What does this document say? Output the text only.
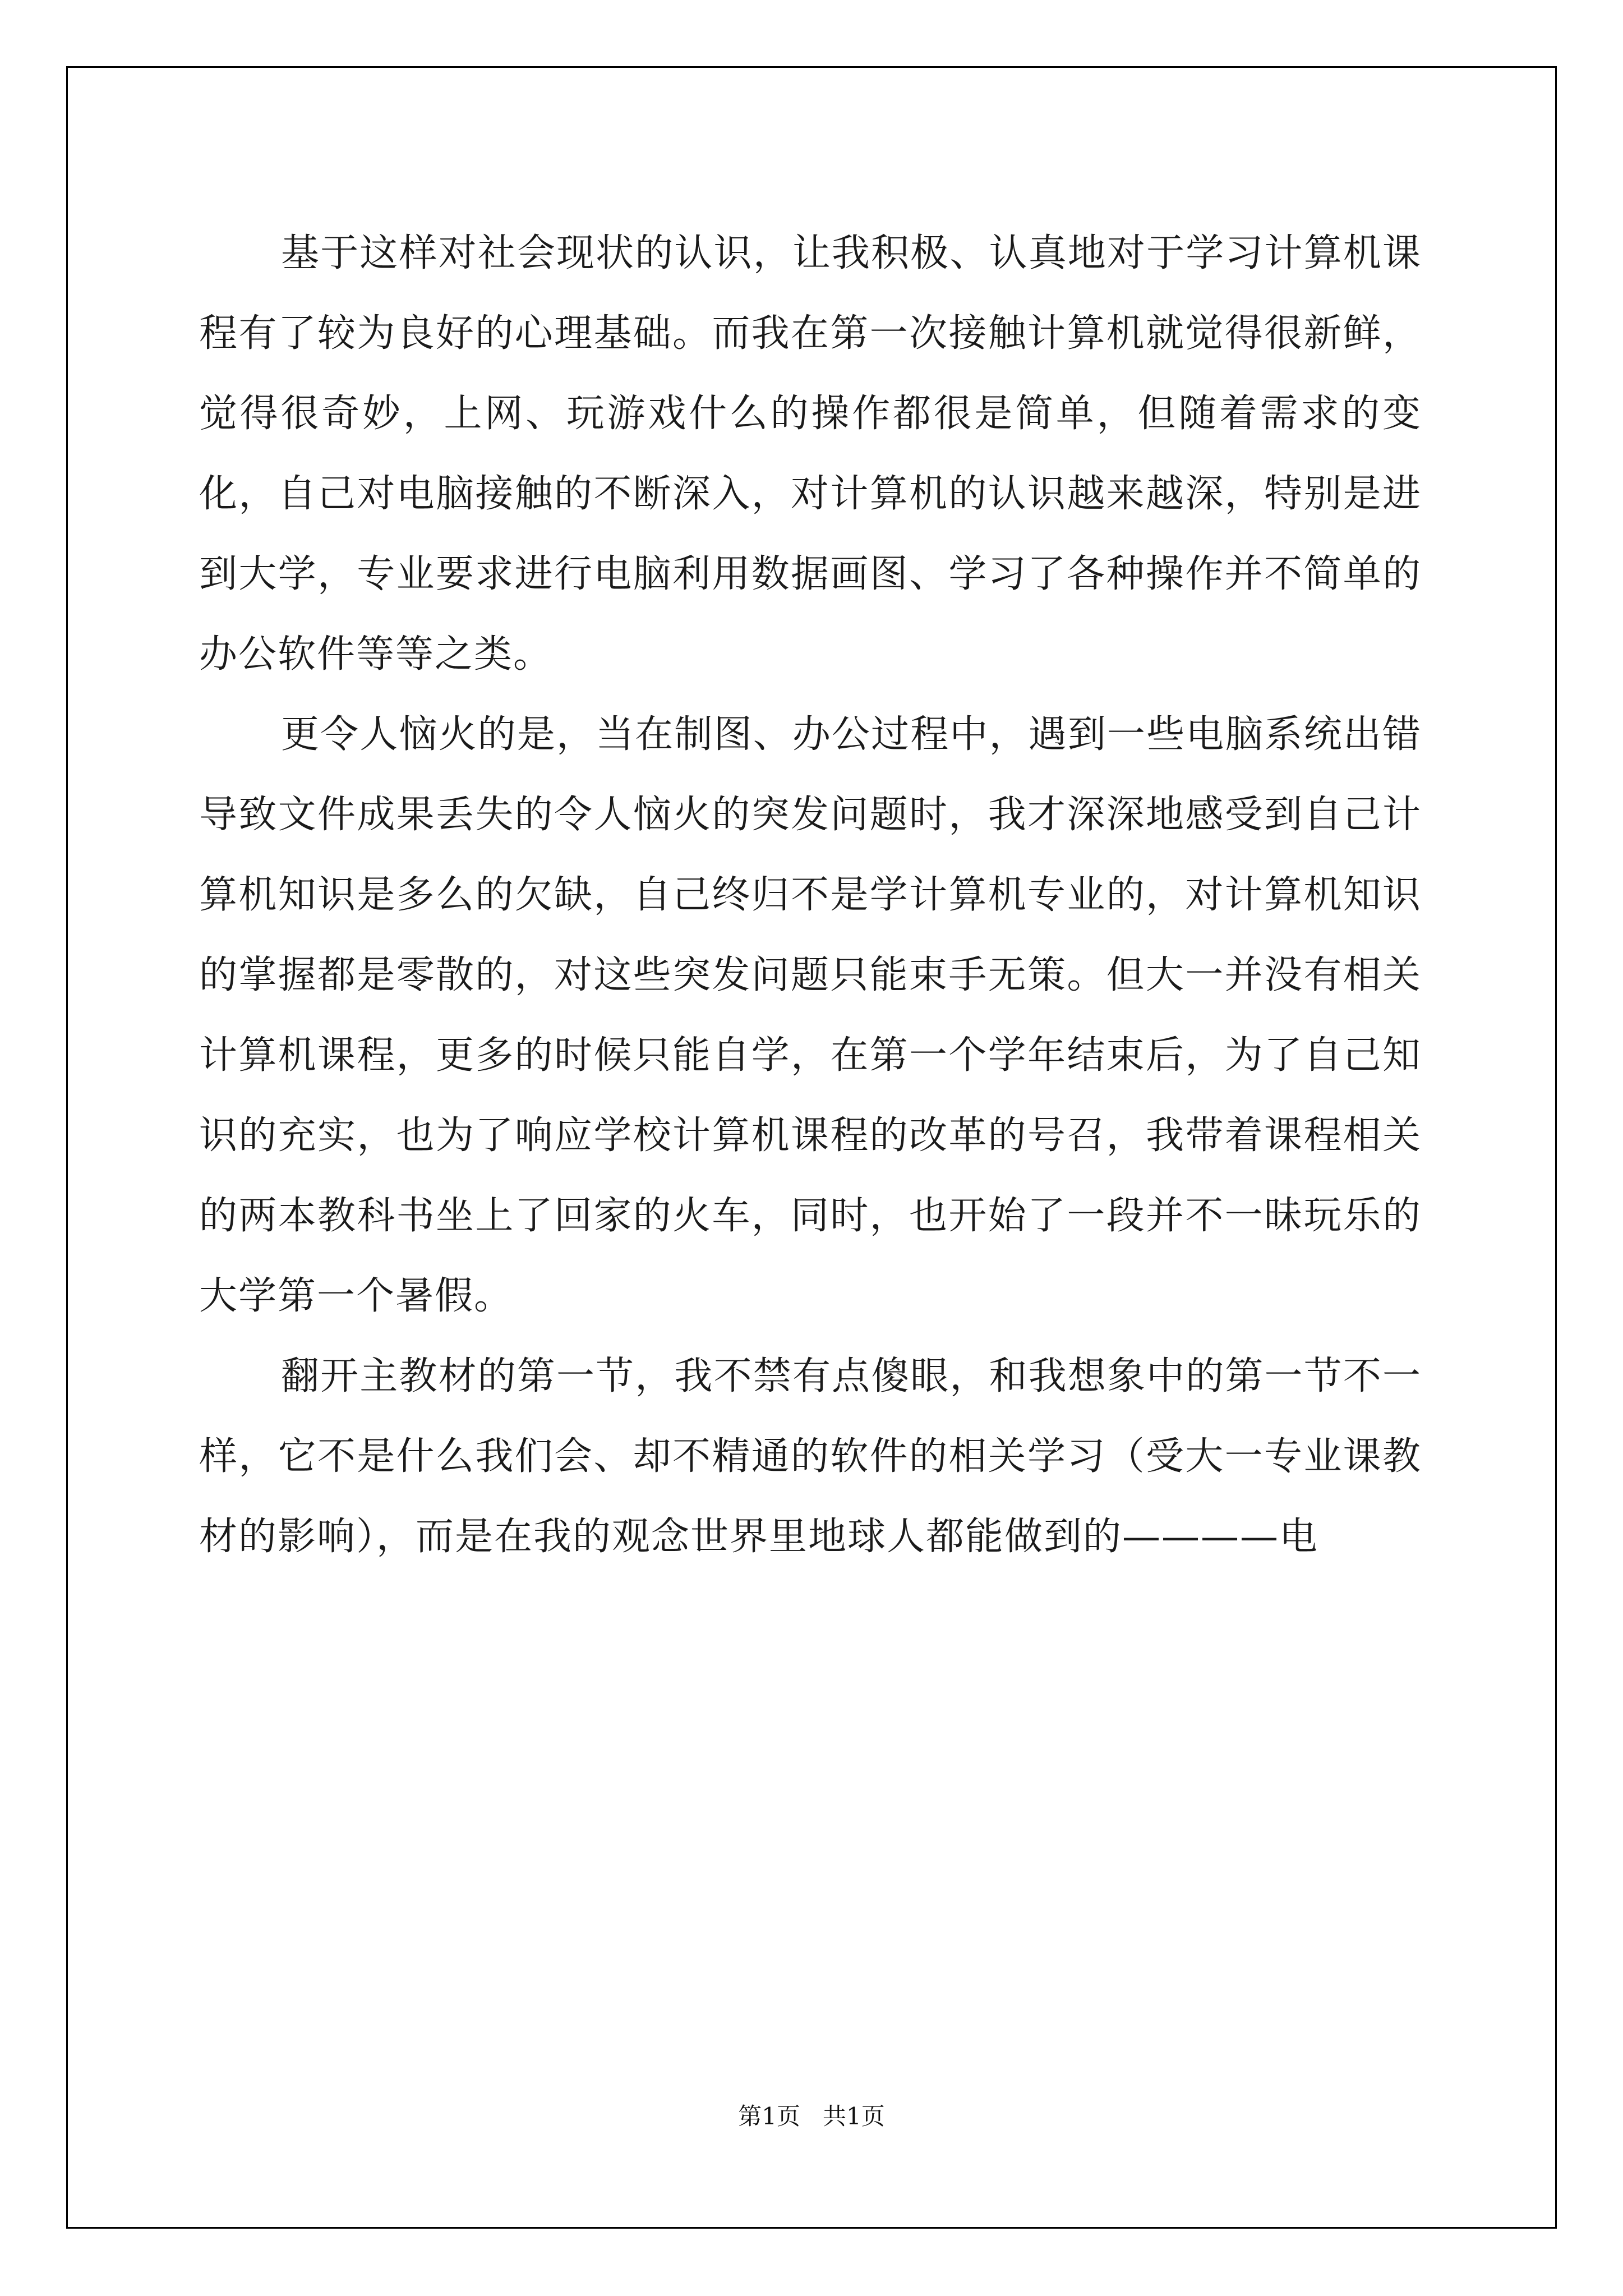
基于这样对社会现状的认识，让我积极、认真地对于学习计算机课程有了较为良好的心理基础。而我在第一次接触计算机就觉得很新鲜，觉得很奇妙，上网、玩游戏什么的操作都很是简单，但随着需求的变化，自己对电脑接触的不断深入，对计算机的认识越来越深，特别是进到大学，专业要求进行电脑利用数据画图、学习了各种操作并不简单的办公软件等等之类。

更令人恼火的是，当在制图、办公过程中，遇到一些电脑系统出错导致文件成果丢失的令人恼火的突发问题时，我才深深地感受到自己计算机知识是多么的欠缺，自己终归不是学计算机专业的，对计算机知识的掌握都是零散的，对这些突发问题只能束手无策。但大一并没有相关计算机课程，更多的时候只能自学，在第一个学年结束后，为了自己知识的充实，也为了响应学校计算机课程的改革的号召，我带着课程相关的两本教科书坐上了回家的火车，同时，也开始了一段并不一昧玩乐的大学第一个暑假。

翻开主教材的第一节，我不禁有点傻眼，和我想象中的第一节不一样，它不是什么我们会、却不精通的软件的相关学习（受大一专业课教材的影响），而是在我的观念世界里地球人都能做到的————电

第1页 共1页
